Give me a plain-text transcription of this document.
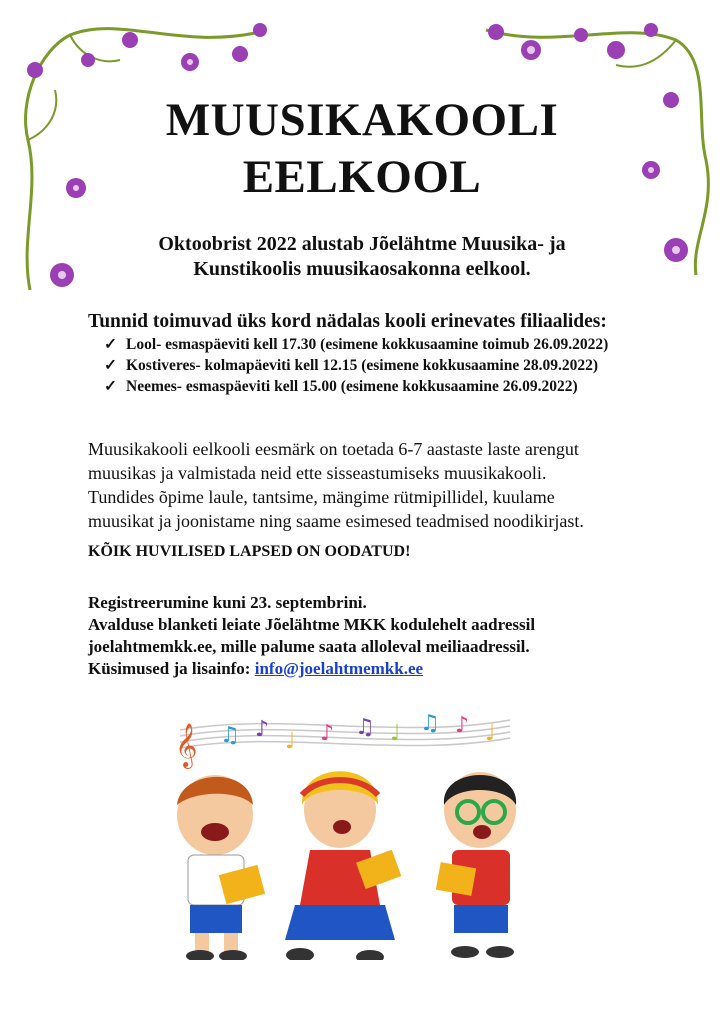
MUUSIKAKOOLI
EELKOOL
Oktoobrist 2022 alustab Jõelähtme Muusika- ja
Kunstikoolis muusikaosakonna eelkool.
Tunnid toimuvad üks kord nädalas kooli erinevates filiaalides:
✓ Lool- esmaspäeviti kell 17.30 (esimene kokkusaamine toimub 26.09.2022)
✓ Kostiveres- kolmapäeviti kell 12.15 (esimene kokkusaamine 28.09.2022)
✓ Neemes- esmaspäeviti kell 15.00 (esimene kokkusaamine 26.09.2022)

Muusikakooli eelkooli eesmärk on toetada 6-7 aastaste laste arengut

muusikas ja valmistada neid ette sisseastumiseks muusikakooli.

Tundides õpime laule, tantsime, mängime rütmipillidel, kuulame

muusikat ja joonistame ning saame esimesed teadmised noodikirjast.

KÕIK HUVILISED LAPSED ON OODATUD!

Registreerumine kuni 23. septembrini.

Avalduse blanketi leiate Jõelähtme MKK kodulehelt aadressil

joelahtmemkk.ee, mille palume saata alloleval meiliaadressil.

Küsimused ja lisainfo: info@joelahtmemkk.ee

𝄞 ♫ ♪ ♩ ♪ ♫ ♩ ♫ ♪ ♩
